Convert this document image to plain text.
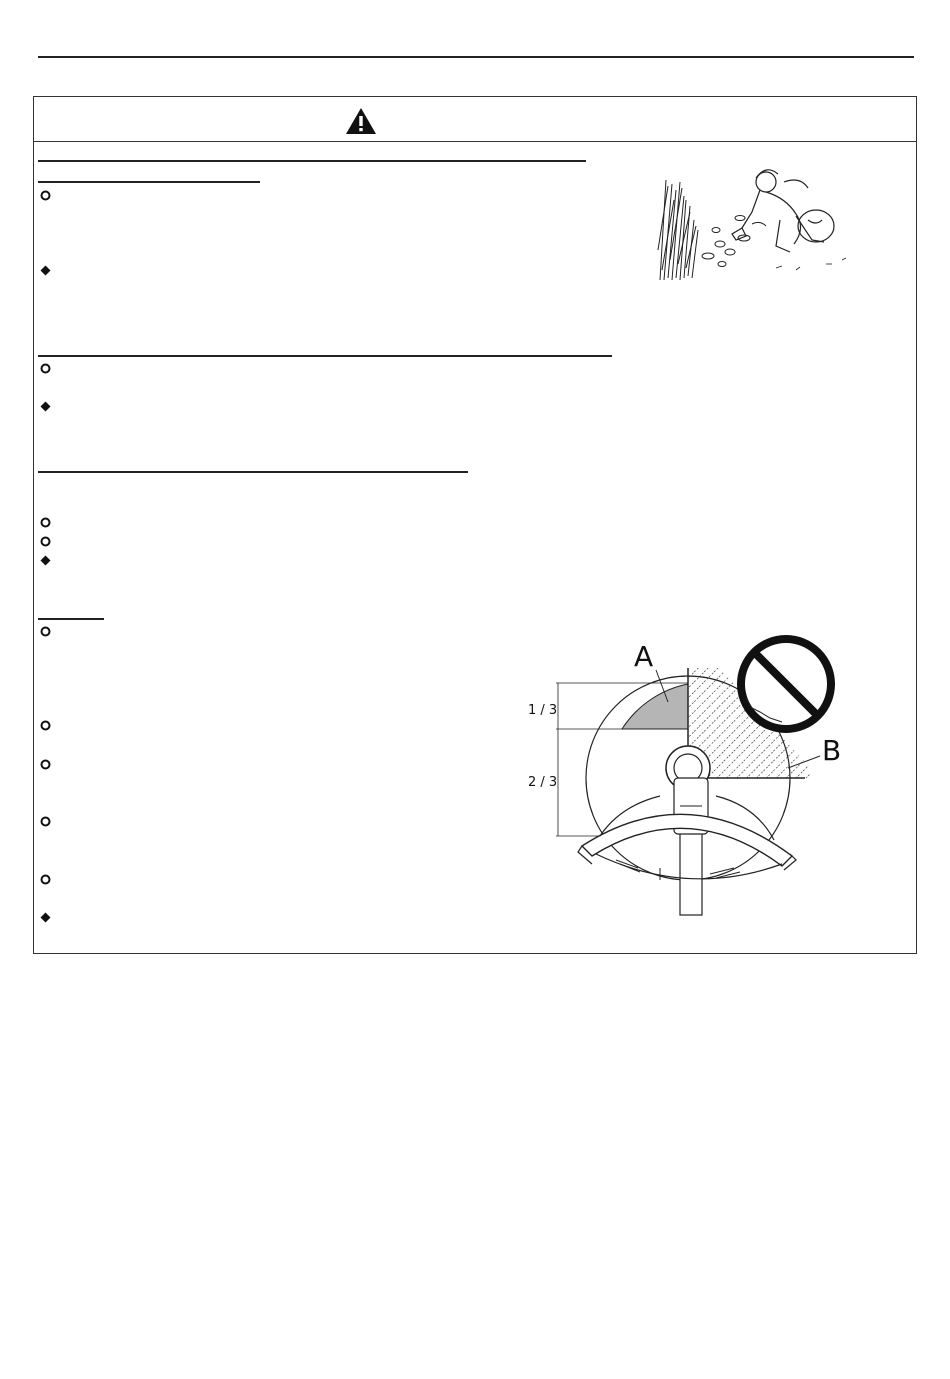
1 / 3
2 / 3
A
B
